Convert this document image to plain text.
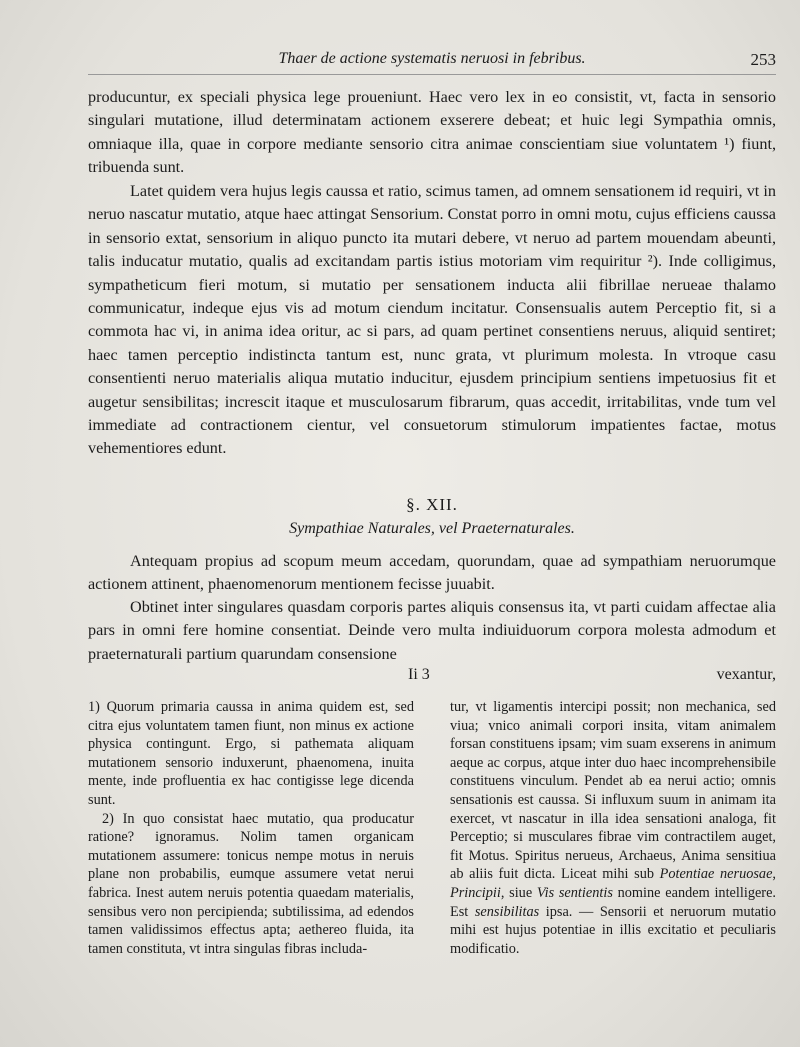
Thaer de actione systematis neruosi in febribus.	253

producuntur, ex speciali physica lege proueniunt. Haec vero lex in eo consistit, vt, facta in sensorio singulari mutatione, illud determinatam actionem exserere debeat; et huic legi Sympathia omnis, omniaque illa, quae in corpore mediante sensorio citra animae conscientiam siue voluntatem ¹) fiunt, tribuenda sunt.

Latet quidem vera hujus legis caussa et ratio, scimus tamen, ad omnem sensationem id requiri, vt in neruo nascatur mutatio, atque haec attingat Sensorium. Constat porro in omni motu, cujus efficiens caussa in sensorio extat, sensorium in aliquo puncto ita mutari debere, vt neruo ad partem mouendam abeunti, talis inducatur mutatio, qualis ad excitandam partis istius motoriam vim requiritur ²). Inde colligimus, sympatheticum fieri motum, si mutatio per sensationem inducta alii fibrillae nerueae thalamo communicatur, indeque ejus vis ad motum ciendum incitatur. Consensualis autem Perceptio fit, si a commota hac vi, in anima idea oritur, ac si pars, ad quam pertinet consentiens neruus, aliquid sentiret; haec tamen perceptio indistincta tantum est, nunc grata, vt plurimum molesta. In vtroque casu consentienti neruo materialis aliqua mutatio inducitur, ejusdem principium sentiens impetuosius fit et augetur sensibilitas; increscit itaque et musculosarum fibrarum, quas accedit, irritabilitas, vnde tum vel immediate ad contractionem cientur, vel consuetorum stimulorum impatientes factae, motus vehementiores edunt.

§. XII.
Sympathiae Naturales, vel Praeternaturales.

Antequam propius ad scopum meum accedam, quorundam, quae ad sympathiam neruorumque actionem attinent, phaenomenorum mentionem fecisse juuabit.

Obtinet inter singulares quasdam corporis partes aliquis consensus ita, vt parti cuidam affectae alia pars in omni fere homine consentiat. Deinde vero multa indiuiduorum corpora molesta admodum et praeternaturali partium quarundam consensione

Ii 3	vexantur,

1) Quorum primaria caussa in anima quidem est, sed citra ejus voluntatem tamen fiunt, non minus ex actione physica contingunt. Ergo, si pathemata aliquam mutationem sensorio induxerunt, phaenomena, inuita mente, inde profluentia ex hac contigisse lege dicenda sunt.

2) In quo consistat haec mutatio, qua producatur ratione? ignoramus. Nolim tamen organicam mutationem assumere: tonicus nempe motus in neruis plane non probabilis, eumque assumere vetat nerui fabrica. Inest autem neruis potentia quaedam materialis, sensibus vero non percipienda; subtilissima, ad edendos tamen validissimos effectus apta; aethereo fluida, ita tamen constituta, vt intra singulas fibras includa-

tur, vt ligamentis intercipi possit; non mechanica, sed viua; vnico animali corpori insita, vitam animalem forsan constituens ipsam; vim suam exserens in animum aeque ac corpus, atque inter duo haec incomprehensibile constituens vinculum. Pendet ab ea nerui actio; omnis sensationis est caussa. Si influxum suum in animam ita exercet, vt nascatur in illa idea sensationi analoga, fit Perceptio; si musculares fibrae vim contractilem auget, fit Motus. Spiritus nerueus, Archaeus, Anima sensitiua ab aliis fuit dicta. Liceat mihi sub Potentiae neruosae, Principii, siue Vis sentientis nomine eandem intelligere. Est sensibilitas ipsa. — Sensorii et neruorum mutatio mihi est hujus potentiae in illis excitatio et peculiaris modificatio.
